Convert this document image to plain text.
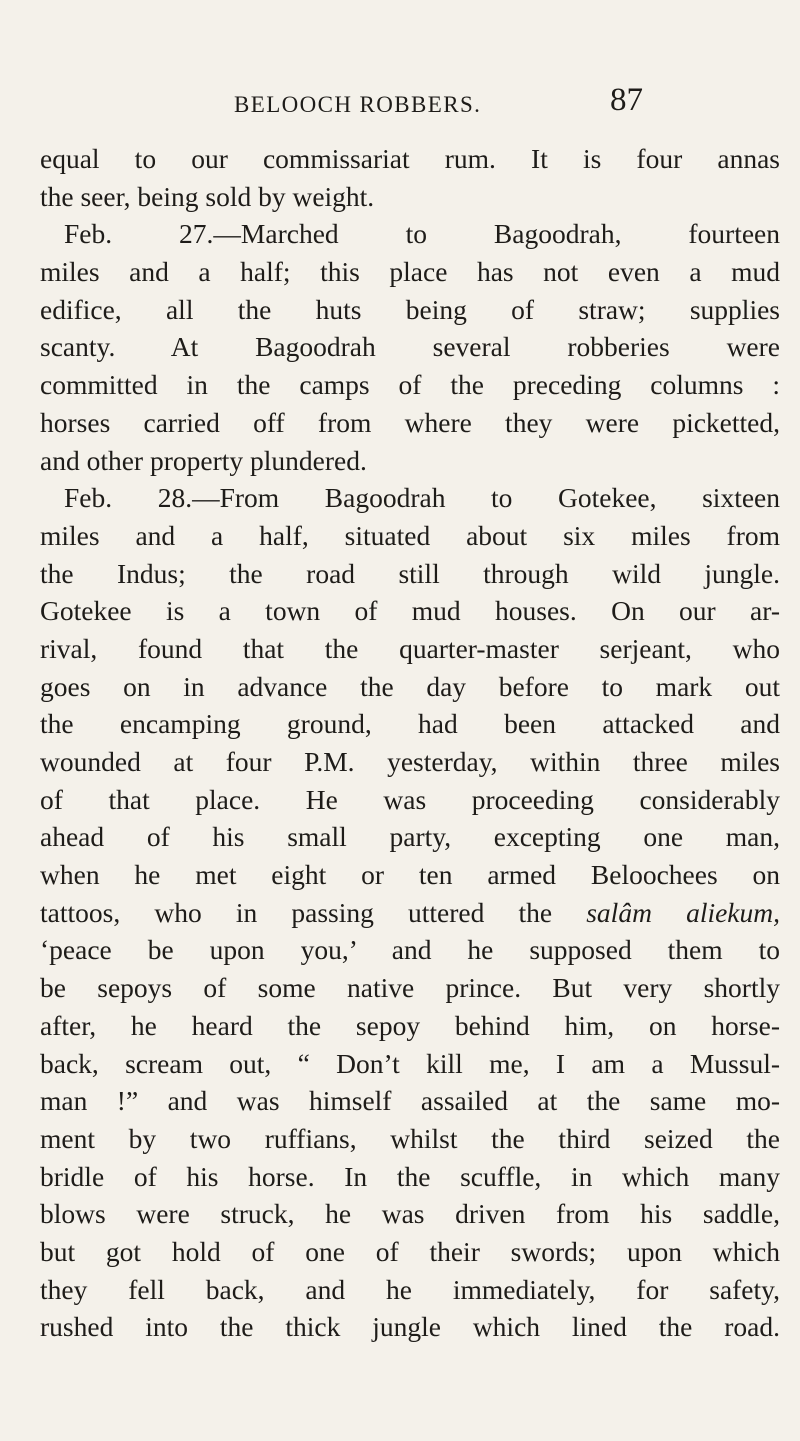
BELOOCH ROBBERS.	87
equal to our commissariat rum. It is four annas
the seer, being sold by weight.
Feb. 27.—Marched to Bagoodrah, fourteen
miles and a half; this place has not even a mud
edifice, all the huts being of straw; supplies
scanty. At Bagoodrah several robberies were
committed in the camps of the preceding columns :
horses carried off from where they were picketted,
and other property plundered.
Feb. 28.—From Bagoodrah to Gotekee, sixteen
miles and a half, situated about six miles from
the Indus; the road still through wild jungle.
Gotekee is a town of mud houses. On our ar-
rival, found that the quarter-master serjeant, who
goes on in advance the day before to mark out
the encamping ground, had been attacked and
wounded at four P.M. yesterday, within three miles
of that place. He was proceeding considerably
ahead of his small party, excepting one man,
when he met eight or ten armed Beloochees on
tattoos, who in passing uttered the salâm aliekum,
‘peace be upon you,’ and he supposed them to
be sepoys of some native prince. But very shortly
after, he heard the sepoy behind him, on horse-
back, scream out, “ Don’t kill me, I am a Mussul-
man !” and was himself assailed at the same mo-
ment by two ruffians, whilst the third seized the
bridle of his horse. In the scuffle, in which many
blows were struck, he was driven from his saddle,
but got hold of one of their swords; upon which
they fell back, and he immediately, for safety,
rushed into the thick jungle which lined the road.
